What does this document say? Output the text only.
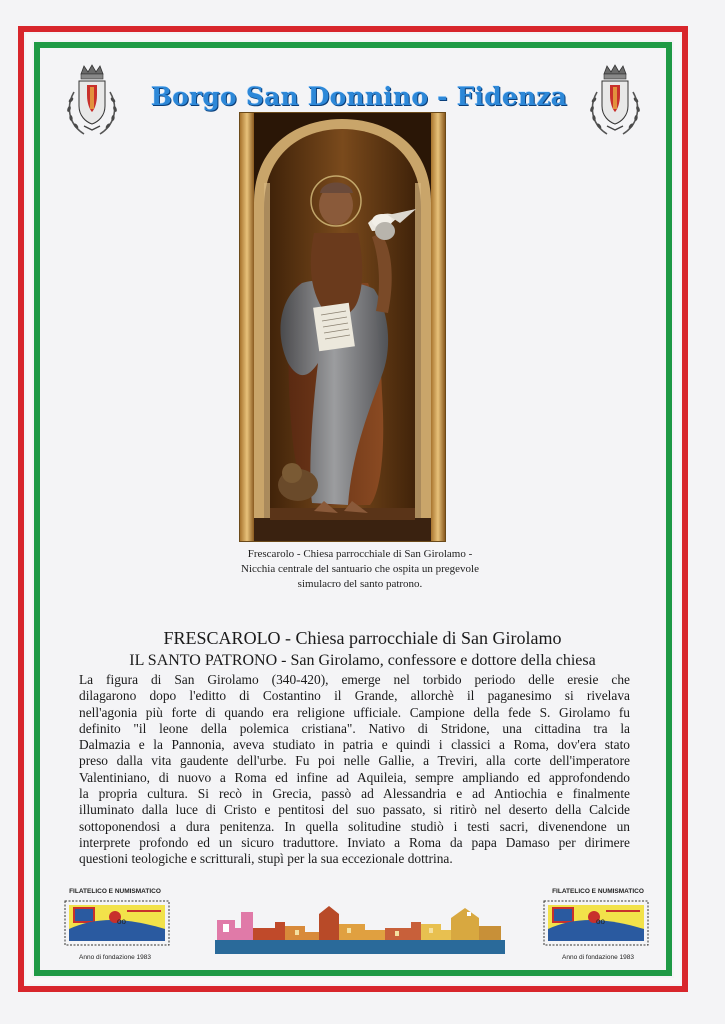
Borgo San Donnino - Fidenza
Frescarolo - Chiesa parrocchiale di San Girolamo -
Nicchia centrale del santuario che ospita un pregevole
simulacro del santo patrono.
FRESCAROLO - Chiesa parrocchiale di San Girolamo
IL SANTO PATRONO - San Girolamo, confessore e dottore della chiesa
La figura di San Girolamo (340-420), emerge nel torbido periodo delle eresie che
dilagarono dopo l'editto di Costantino il Grande, allorchè il paganesimo si rivelava
nell'agonia più forte di quando era religione ufficiale. Campione della fede S. Girolamo fu
definito "il leone della polemica cristiana". Nativo di Stridone, una cittadina tra la
Dalmazia e la Pannonia, aveva studiato in patria e quindi i classici a Roma, dov'era stato
preso dalla vita gaudente dell'urbe. Fu poi nelle Gallie, a Treviri, alla corte dell'imperatore
Valentiniano, di nuovo a Roma ed infine ad Aquileia, sempre ampliando ed approfondendo
la propria cultura. Si recò in Grecia, passò ad Alessandria e ad Antiochia e finalmente
illuminato dalla luce di Cristo e pentitosi del suo passato, si ritirò nel deserto della Calcide
sottoponendosi a dura penitenza. In quella solitudine studiò i testi sacri, divenendone un
interprete profondo ed un sicuro traduttore. Inviato a Roma da papa Damaso per dirimere
questioni teologiche e scritturali, stupì per la sua eccezionale dottrina.
FILATELICO E NUMISMATICO
oo
Anno di fondazione 1983
FILATELICO E NUMISMATICO
oo
Anno di fondazione 1983
